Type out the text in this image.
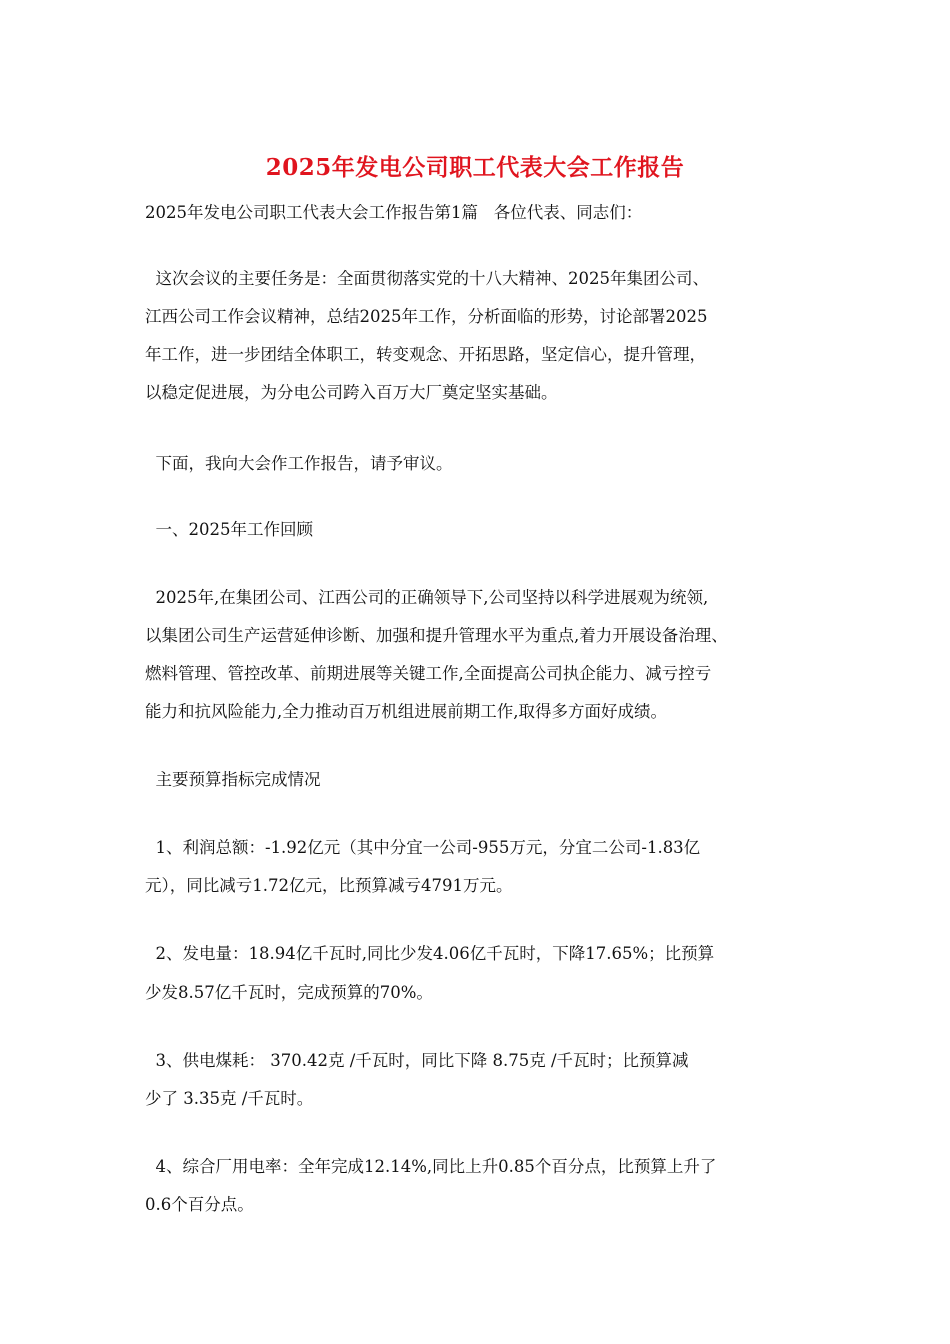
2025年发电公司职工代表大会工作报告
2025年发电公司职工代表大会工作报告第1篇   各位代表、同志们：
这次会议的主要任务是：全面贯彻落实党的十八大精神、2025年集团公司、
江西公司工作会议精神，总结2025年工作，分析面临的形势，讨论部署2025
年工作，进一步团结全体职工，转变观念、开拓思路，坚定信心，提升管理，
以稳定促进展，为分电公司跨入百万大厂奠定坚实基础。
下面，我向大会作工作报告，请予审议。
一、2025年工作回顾
2025年,在集团公司、江西公司的正确领导下,公司坚持以科学进展观为统领,
以集团公司生产运营延伸诊断、加强和提升管理水平为重点,着力开展设备治理、
燃料管理、管控改革、前期进展等关键工作,全面提高公司执企能力、减亏控亏
能力和抗风险能力,全力推动百万机组进展前期工作,取得多方面好成绩。
主要预算指标完成情况
1、利润总额：-1.92亿元（其中分宜一公司-955万元，分宜二公司-1.83亿
元），同比减亏1.72亿元，比预算减亏4791万元。
2、发电量：18.94亿千瓦时,同比少发4.06亿千瓦时，下降17.65%；比预算
少发8.57亿千瓦时，完成预算的70%。
3、供电煤耗： 370.42克 /千瓦时，同比下降 8.75克 /千瓦时；比预算减
少了 3.35克 /千瓦时。
4、综合厂用电率：全年完成12.14%,同比上升0.85个百分点，比预算上升了
0.6个百分点。
